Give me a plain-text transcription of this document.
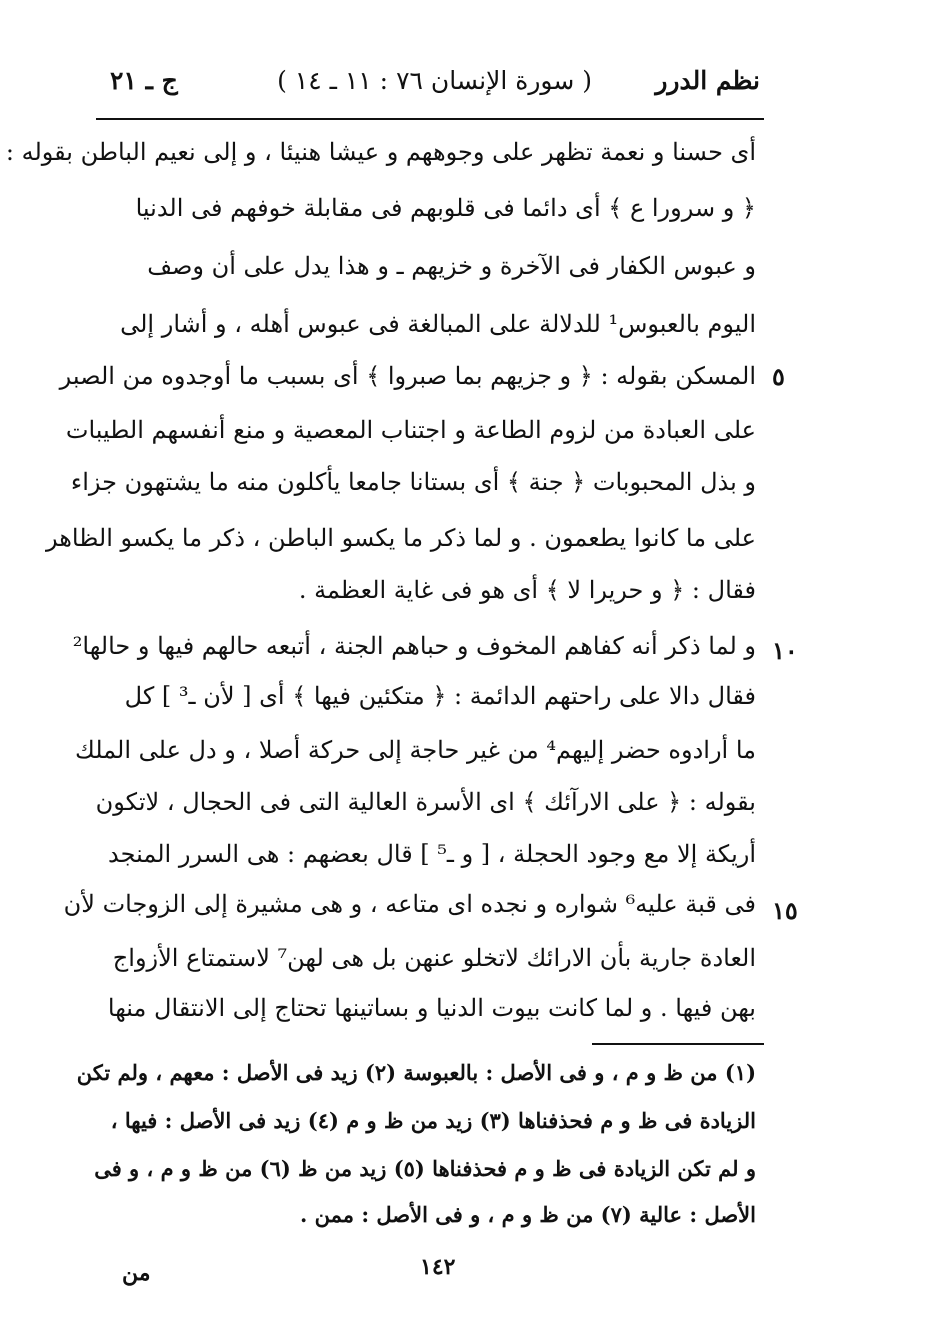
نظم الدرر
( سورة الإنسان ٧٦ : ١١ ـ ١٤ )
ج ـ ٢١
أى حسنا و نعمة تظهر على وجوههم و عيشا هنيئا ، و إلى نعيم الباطن بقوله :
﴿ و سرورا ع ﴾ أى دائما فى قلوبهم فى مقابلة خوفهم فى الدنيا
و عبوس الكفار فى الآخرة و خزيهم ـ و هذا يدل على أن وصف
اليوم بالعبوس¹ للدلالة على المبالغة فى عبوس أهله ، و أشار إلى
المسكن بقوله : ﴿ و جزيهم بما صبروا ﴾ أى بسبب ما أوجدوه من الصبر
على العبادة من لزوم الطاعة و اجتناب المعصية و منع أنفسهم الطيبات
و بذل المحبوبات ﴿ جنة ﴾ أى بستانا جامعا يأكلون منه ما يشتهون جزاء
على ما كانوا يطعمون . و لما ذكر ما يكسو الباطن ، ذكر ما يكسو الظاهر
فقال : ﴿ و حريرا لا ﴾ أى هو فى غاية العظمة .
و لما ذكر أنه كفاهم المخوف و حباهم الجنة ، أتبعه حالهم فيها و حالها²
فقال دالا على راحتهم الدائمة : ﴿ متكئين فيها ﴾ أى [ لأن ـ³ ] كل
ما أرادوه حضر إليهم⁴ من غير حاجة إلى حركة أصلا ، و دل على الملك
بقوله : ﴿ على الارآئك ﴾ اى الأسرة العالية التى فى الحجال ، لاتكون
أريكة إلا مع وجود الحجلة ، [ و ـ⁵ ] قال بعضهم : هى السرر المنجد
فى قبة عليه⁶ شواره و نجده اى متاعه ، و هى مشيرة إلى الزوجات لأن
العادة جارية بأن الارائك لاتخلو عنهن بل هى لهن⁷ لاستمتاع الأزواج
بهن فيها . و لما كانت بيوت الدنيا و بساتينها تحتاج إلى الانتقال منها
٥
١٠
١٥
(١) من ظ و م ، و فى الأصل : بالعبوسة (٢) زيد فى الأصل : معهم ، ولم تكن
الزيادة فى ظ و م فحذفناها (٣) زيد من ظ و م (٤) زيد فى الأصل : فيها ،
و لم تكن الزيادة فى ظ و م فحذفناها (٥) زيد من ظ (٦) من ظ و م ، و فى
الأصل : عالية (٧) من ظ و م ، و فى الأصل : ممن .
١٤٢
من
